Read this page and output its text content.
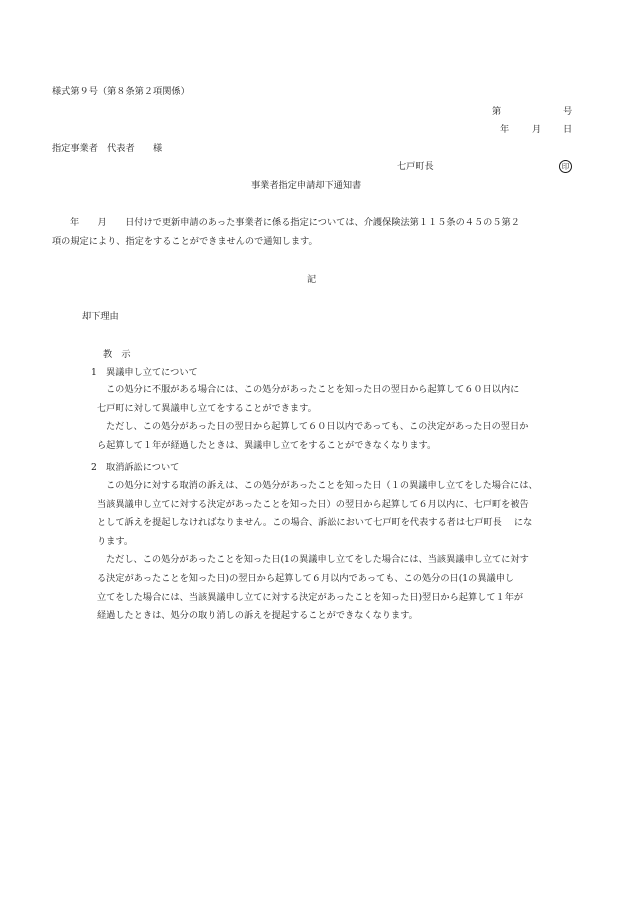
様式第９号（第８条第２項関係）
第	号
年 月 日
指定事業者　代表者　　様
七戸町長	印
事業者指定申請却下通知書
年　　月　　日付けで更新申請のあった事業者に係る指定については、介護保険法第１１５条の４５の５第２
項の規定により、指定をすることができませんので通知します。
記
却下理由
教　示
1　異議申し立てについて
この処分に不服がある場合には、この処分があったことを知った日の翌日から起算して６０日以内に
七戸町に対して異議申し立てをすることができます。
ただし、この処分があった日の翌日から起算して６０日以内であっても、この決定があった日の翌日か
ら起算して１年が経過したときは、異議申し立てをすることができなくなります。
2　取消訴訟について
この処分に対する取消の訴えは、この処分があったことを知った日（１の異議申し立てをした場合には、
当該異議申し立てに対する決定があったことを知った日）の翌日から起算して６月以内に、七戸町を被告
として訴えを提起しなければなりません。この場合、訴訟において七戸町を代表する者は七戸町長　 にな
ります。
ただし、この処分があったことを知った日(1の異議申し立てをした場合には、当該異議申し立てに対す
る決定があったことを知った日)の翌日から起算して６月以内であっても、この処分の日(1の異議申し
立てをした場合には、当該異議申し立てに対する決定があったことを知った日)翌日から起算して１年が
経過したときは、処分の取り消しの訴えを提起することができなくなります。
